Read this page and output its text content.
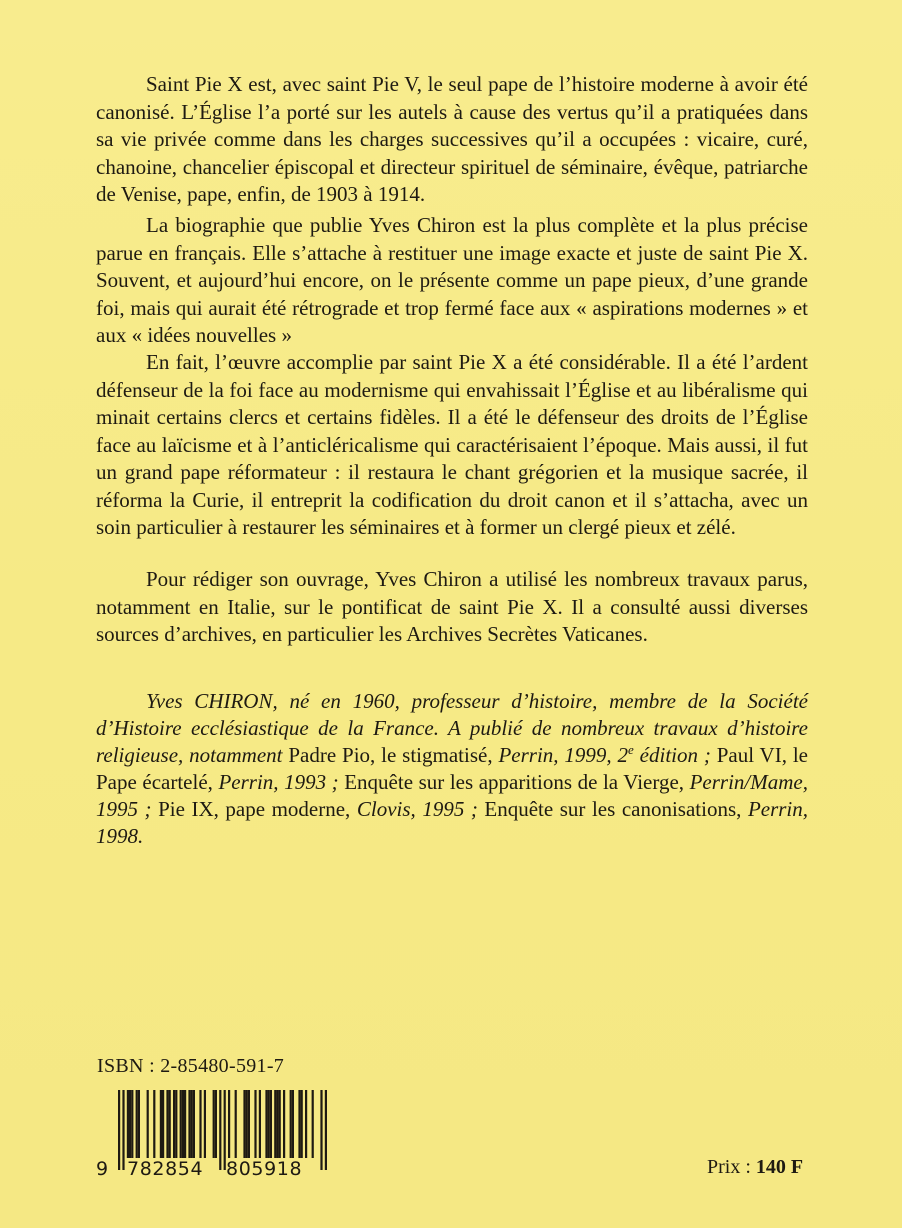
Saint Pie X est, avec saint Pie V, le seul pape de l’histoire moderne à avoir été canonisé. L’Église l’a porté sur les autels à cause des vertus qu’il a pratiquées dans sa vie privée comme dans les charges successives qu’il a occupées : vicaire, curé, chanoine, chancelier épiscopal et directeur spirituel de séminaire, évêque, patriarche de Venise, pape, enfin, de 1903 à 1914.

La biographie que publie Yves Chiron est la plus complète et la plus précise parue en français. Elle s’attache à restituer une image exacte et juste de saint Pie X. Souvent, et aujourd’hui encore, on le présente comme un pape pieux, d’une grande foi, mais qui aurait été rétrograde et trop fermé face aux « aspirations modernes » et aux « idées nouvelles »

En fait, l’œuvre accomplie par saint Pie X a été considérable. Il a été l’ardent défenseur de la foi face au modernisme qui envahissait l’Église et au libéralisme qui minait certains clercs et certains fidèles. Il a été le défenseur des droits de l’Église face au laïcisme et à l’anticléricalisme qui caractérisaient l’époque. Mais aussi, il fut un grand pape réformateur : il restaura le chant grégorien et la musique sacrée, il réforma la Curie, il entreprit la codification du droit canon et il s’attacha, avec un soin particulier à restaurer les séminaires et à former un clergé pieux et zélé.

Pour rédiger son ouvrage, Yves Chiron a utilisé les nombreux travaux parus, notamment en Italie, sur le pontificat de saint Pie X. Il a consulté aussi diverses sources d’archives, en particulier les Archives Secrètes Vaticanes.

Yves CHIRON, né en 1960, professeur d’histoire, membre de la Société d’Histoire ecclésiastique de la France. A publié de nombreux travaux d’histoire religieuse, notamment Padre Pio, le stigmatisé, Perrin, 1999, 2e édition ; Paul VI, le Pape écartelé, Perrin, 1993 ; Enquête sur les apparitions de la Vierge, Perrin/Mame, 1995 ; Pie IX, pape moderne, Clovis, 1995 ; Enquête sur les canonisations, Perrin, 1998.

ISBN : 2-85480-591-7
9 782854 805918	Prix : 140 F
